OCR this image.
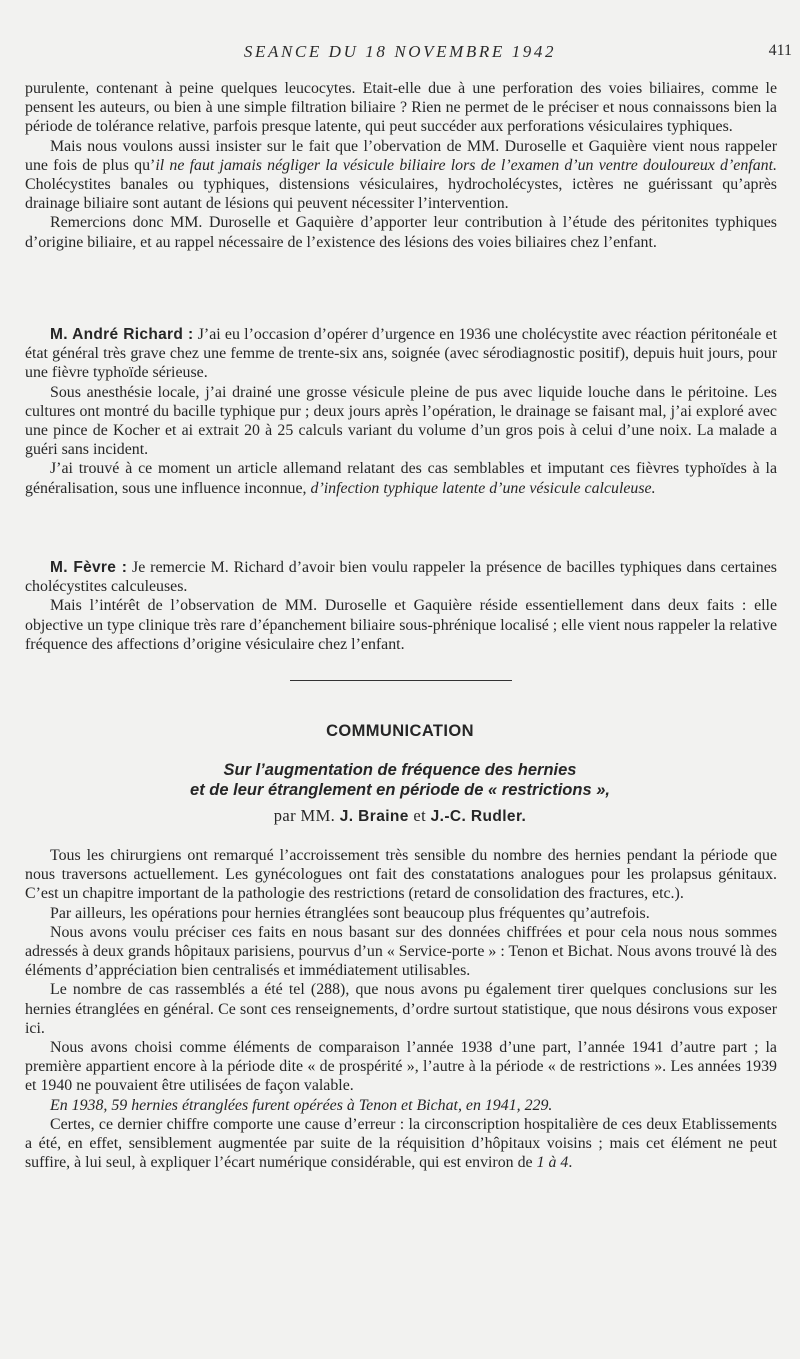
SEANCE DU 18 NOVEMBRE 1942	411

purulente, contenant à peine quelques leucocytes. Etait-elle due à une perforation des voies biliaires, comme le pensent les auteurs, ou bien à une simple filtration biliaire ? Rien ne permet de le préciser et nous connaissons bien la période de tolérance relative, parfois presque latente, qui peut succéder aux perforations vésiculaires typhiques.

Mais nous voulons aussi insister sur le fait que l’obervation de MM. Duroselle et Gaquière vient nous rappeler une fois de plus qu’il ne faut jamais négliger la vésicule biliaire lors de l’examen d’un ventre douloureux d’enfant. Cholécystites banales ou typhiques, distensions vésiculaires, hydrocholécystes, ictères ne guérissant qu’après drainage biliaire sont autant de lésions qui peuvent nécessiter l’intervention.

Remercions donc MM. Duroselle et Gaquière d’apporter leur contribution à l’étude des péritonites typhiques d’origine biliaire, et au rappel nécessaire de l’existence des lésions des voies biliaires chez l’enfant.

M. André Richard : J’ai eu l’occasion d’opérer d’urgence en 1936 une cholécystite avec réaction péritonéale et état général très grave chez une femme de trente-six ans, soignée (avec sérodiagnostic positif), depuis huit jours, pour une fièvre typhoïde sérieuse.

Sous anesthésie locale, j’ai drainé une grosse vésicule pleine de pus avec liquide louche dans le péritoine. Les cultures ont montré du bacille typhique pur ; deux jours après l’opération, le drainage se faisant mal, j’ai exploré avec une pince de Kocher et ai extrait 20 à 25 calculs variant du volume d’un gros pois à celui d’une noix. La malade a guéri sans incident.

J’ai trouvé à ce moment un article allemand relatant des cas semblables et imputant ces fièvres typhoïdes à la généralisation, sous une influence inconnue, d’infection typhique latente d’une vésicule calculeuse.

M. Fèvre : Je remercie M. Richard d’avoir bien voulu rappeler la présence de bacilles typhiques dans certaines cholécystites calculeuses.

Mais l’intérêt de l’observation de MM. Duroselle et Gaquière réside essentiellement dans deux faits : elle objective un type clinique très rare d’épanchement biliaire sous-phrénique localisé ; elle vient nous rappeler la relative fréquence des affections d’origine vésiculaire chez l’enfant.

COMMUNICATION
Sur l’augmentation de fréquence des hernies
et de leur étranglement en période de « restrictions »,
par MM. J. Braine et J.-C. Rudler.

Tous les chirurgiens ont remarqué l’accroissement très sensible du nombre des hernies pendant la période que nous traversons actuellement. Les gynécologues ont fait des constatations analogues pour les prolapsus génitaux. C’est un chapitre important de la pathologie des restrictions (retard de consolidation des fractures, etc.).

Par ailleurs, les opérations pour hernies étranglées sont beaucoup plus fréquentes qu’autrefois.

Nous avons voulu préciser ces faits en nous basant sur des données chiffrées et pour cela nous nous sommes adressés à deux grands hôpitaux parisiens, pourvus d’un « Service-porte » : Tenon et Bichat. Nous avons trouvé là des éléments d’appréciation bien centralisés et immédiatement utilisables.

Le nombre de cas rassemblés a été tel (288), que nous avons pu également tirer quelques conclusions sur les hernies étranglées en général. Ce sont ces renseignements, d’ordre surtout statistique, que nous désirons vous exposer ici.

Nous avons choisi comme éléments de comparaison l’année 1938 d’une part, l’année 1941 d’autre part ; la première appartient encore à la période dite « de prospérité », l’autre à la période « de restrictions ». Les années 1939 et 1940 ne pouvaient être utilisées de façon valable.

En 1938, 59 hernies étranglées furent opérées à Tenon et Bichat, en 1941, 229.

Certes, ce dernier chiffre comporte une cause d’erreur : la circonscription hospitalière de ces deux Etablissements a été, en effet, sensiblement augmentée par suite de la réquisition d’hôpitaux voisins ; mais cet élément ne peut suffire, à lui seul, à expliquer l’écart numérique considérable, qui est environ de 1 à 4.
